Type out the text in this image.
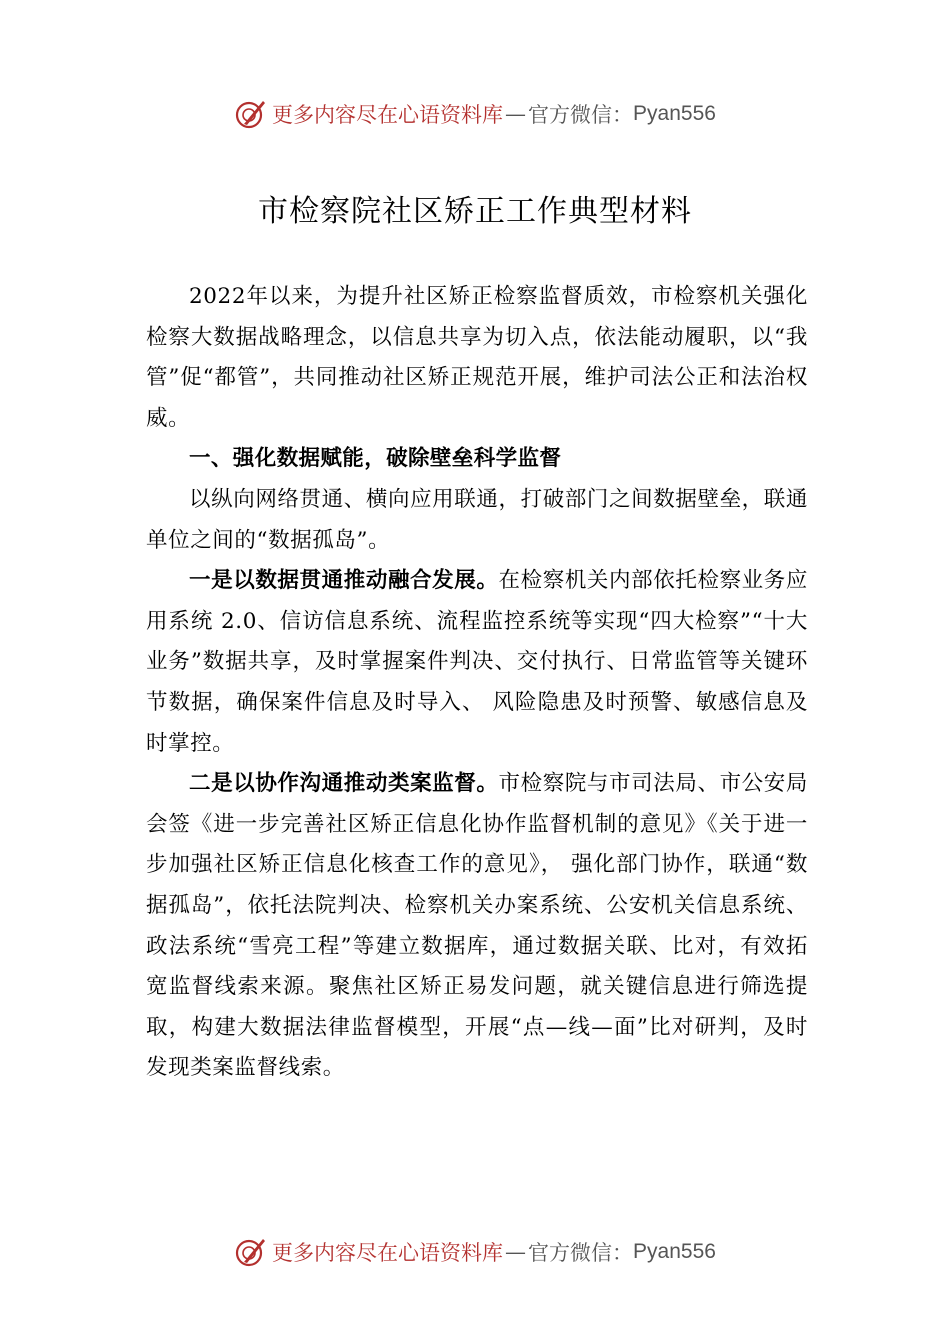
更多内容尽在心语资料库 — 官方微信： Pyan556
市检察院社区矫正工作典型材料

2022年以来，为提升社区矫正检察监督质效，市检察机关强化检察大数据战略理念，以信息共享为切入点，依法能动履职，以“我管”促“都管”，共同推动社区矫正规范开展，维护司法公正和法治权威。

一、强化数据赋能，破除壁垒科学监督

以纵向网络贯通、横向应用联通，打破部门之间数据壁垒，联通单位之间的“数据孤岛”。

一是以数据贯通推动融合发展。在检察机关内部依托检察业务应用系统 2.0、信访信息系统、流程监控系统等实现“四大检察”“十大业务”数据共享，及时掌握案件判决、交付执行、日常监管等关键环节数据，确保案件信息及时导入、 风险隐患及时预警、敏感信息及时掌控。

二是以协作沟通推动类案监督。市检察院与市司法局、市公安局会签《进一步完善社区矫正信息化协作监督机制的意见》《关于进一步加强社区矫正信息化核查工作的意见》， 强化部门协作，联通“数据孤岛”，依托法院判决、检察机关办案系统、公安机关信息系统、政法系统“雪亮工程”等建立数据库，通过数据关联、比对，有效拓宽监督线索来源。聚焦社区矫正易发问题，就关键信息进行筛选提取，构建大数据法律监督模型，开展“点—线—面”比对研判，及时发现类案监督线索。

更多内容尽在心语资料库 — 官方微信： Pyan556
